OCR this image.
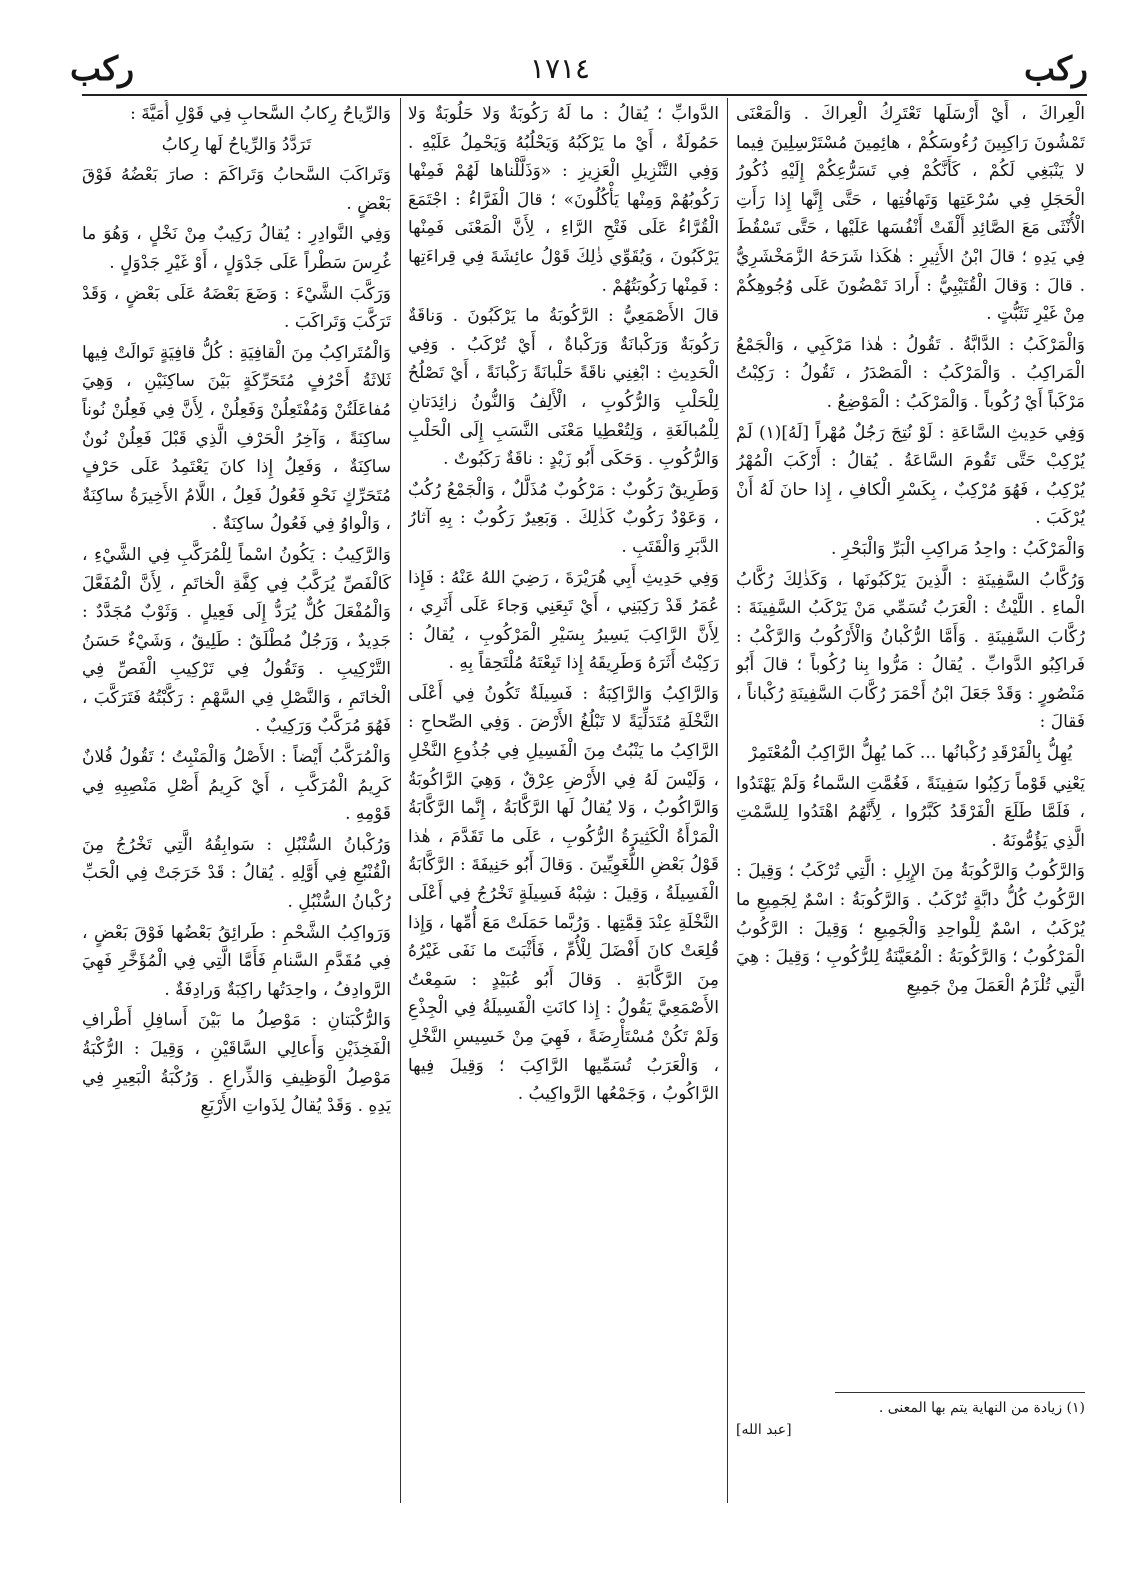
ركب
١٧١٤
ركب

الْعِراكَ ، أَيْ أَرْسَلَها تَعْتَرِكُ الْعِراكَ . وَالْمَعْنَى تَمْشُونَ رَاكِبِينَ رُءُوسَكُمْ ، هائِمِينَ مُسْتَرْسِلِينَ فِيما لا يَنْبَغِي لَكُمْ ، كَأَنَّكُمْ فِي تَسَرُّعِكُمْ إِلَيْهِ ذُكُورُ الْحَجَلِ فِي سُرْعَتِها وَتَهافُتِها ، حَتَّى إِنَّها إِذا رَأَتِ الْأُنْثَى مَعَ الصَّائِدِ أَلْقَتْ أَنْفُسَها عَلَيْها ، حَتَّى تَسْقُطَ فِي يَدِهِ ؛ قالَ ابْنُ الأَثِيرِ : هٰكَذا شَرَحَهُ الزَّمَخْشَرِيُّ . قالَ : وَقالَ الْقُتَيْبِيُّ : أَرادَ تَمْضُونَ عَلَى وُجُوهِكُمْ مِنْ غَيْرِ تَثَبُّتٍ .

وَالْمَرْكَبُ : الدَّابَّةُ . تَقُولُ : هٰذا مَرْكَبِي ، وَالْجَمْعُ الْمَراكِبُ . وَالْمَرْكَبُ : الْمَصْدَرُ ، تَقُولُ : رَكِبْتُ مَرْكَباً أَيْ رُكُوباً . وَالْمَرْكَبُ : الْمَوْضِعُ .

وَفِي حَدِيثِ السَّاعَةِ : لَوْ نُتِجَ رَجُلٌ مُهْراً [لَهُ](١) لَمْ يُرْكِبْ حَتَّى تَقُومَ السَّاعَةُ . يُقالُ : أَرْكَبَ الْمُهْرُ يُرْكِبُ ، فَهُوَ مُرْكِبٌ ، بِكَسْرِ الْكافِ ، إِذا حانَ لَهُ أَنْ يُرْكَبَ .

وَالْمَرْكَبُ : واحِدُ مَراكِبِ الْبَرِّ وَالْبَحْرِ .

وَرُكَّابُ السَّفِينَةِ : الَّذِينَ يَرْكَبُونَها ، وَكَذٰلِكَ رُكَّابُ الْماءِ . اللَّيْثُ : الْعَرَبُ تُسَمِّي مَنْ يَرْكَبُ السَّفِينَةَ : رُكَّابَ السَّفِينَةِ . وَأَمَّا الرُّكْبانُ وَالْأَرْكُوبُ وَالرَّكْبُ : فَراكِبُو الدَّوابِّ . يُقالُ : مَرُّوا بِنا رُكُوباً ؛ قالَ أَبُو مَنْصُورٍ : وَقَدْ جَعَلَ ابْنُ أَحْمَرَ رُكَّابَ السَّفِينَةِ رُكْباناً ، فَقالَ :

يُهِلُّ بِالْفَرْقَدِ رُكْبانُها ... كَما يُهِلُّ الرَّاكِبُ الْمُعْتَمِرْ

يَعْنِي قَوْماً رَكِبُوا سَفِينَةً ، فَغُمَّتِ السَّماءُ وَلَمْ يَهْتَدُوا ، فَلَمَّا طَلَعَ الْفَرْقَدُ كَبَّرُوا ، لِأَنَّهُمُ اهْتَدُوا لِلسَّمْتِ الَّذِي يَؤُمُّونَهُ .

وَالرَّكُوبُ وَالرَّكُوبَةُ مِنَ الإِبِلِ : الَّتِي تُرْكَبُ ؛ وَقِيلَ : الرَّكُوبُ كُلُّ دابَّةٍ تُرْكَبُ . وَالرَّكُوبَةُ : اسْمٌ لِجَمِيعِ ما يُرْكَبُ ، اسْمٌ لِلْواحِدِ وَالْجَمِيعِ ؛ وَقِيلَ : الرَّكُوبُ الْمَرْكُوبُ ؛ وَالرَّكُوبَةُ : الْمُعَيَّنَةُ لِلرُّكُوبِ ؛ وَقِيلَ : هِيَ الَّتِي تُلْزَمُ الْعَمَلَ مِنْ جَمِيعِ

الدَّوابِّ ؛ يُقالُ : ما لَهُ رَكُوبَةٌ وَلا حَلُوبَةٌ وَلا حَمُولَةٌ ، أَيْ ما يَرْكَبُهُ وَيَحْلُبُهُ وَيَحْمِلُ عَلَيْهِ . وَفِي التَّنْزِيلِ الْعَزِيزِ : «وَذَلَّلْناها لَهُمْ فَمِنْها رَكُوبُهُمْ وَمِنْها يَأْكُلُونَ» ؛ قالَ الْفَرَّاءُ : اجْتَمَعَ الْقُرَّاءُ عَلَى فَتْحِ الرَّاءِ ، لِأَنَّ الْمَعْنَى فَمِنْها يَرْكَبُونَ ، وَيُقَوِّي ذٰلِكَ قَوْلُ عائِشَةَ فِي قِراءَتِها : فَمِنْها رَكُوبَتُهُمْ .

قالَ الأَصْمَعِيُّ : الرَّكُوبَةُ ما يَرْكَبُونَ . وَناقَةٌ رَكُوبَةٌ وَرَكْبانَةٌ وَرَكْباةٌ ، أَيْ تُرْكَبُ . وَفِي الْحَدِيثِ : ابْغِنِي ناقَةً حَلْبانَةً رَكْبانَةً ، أَيْ تَصْلُحُ لِلْحَلْبِ وَالرُّكُوبِ ، الْأَلِفُ وَالنُّونُ زائِدَتانِ لِلْمُبالَغَةِ ، وَلِتُعْطِيا مَعْنَى النَّسَبِ إِلَى الْحَلْبِ وَالرُّكُوبِ . وَحَكَى أَبُو زَيْدٍ : ناقَةٌ رَكَبُوتٌ .

وَطَرِيقٌ رَكُوبٌ : مَرْكُوبٌ مُذَلَّلٌ ، وَالْجَمْعُ رُكُبٌ ، وَعَوْدٌ رَكُوبٌ كَذٰلِكَ . وَبَعِيرٌ رَكُوبٌ : بِهِ آثارُ الدَّبَرِ وَالْقَتَبِ .

وَفِي حَدِيثِ أَبِي هُرَيْرَةَ ، رَضِيَ اللهُ عَنْهُ : فَإِذا عُمَرُ قَدْ رَكِبَنِي ، أَيْ تَبِعَنِي وَجاءَ عَلَى أَثَرِي ، لِأَنَّ الرَّاكِبَ يَسِيرُ بِسَيْرِ الْمَرْكُوبِ ، يُقالُ : رَكِبْتُ أَثَرَهُ وَطَرِيقَهُ إِذا تَبِعْتَهُ مُلْتَحِقاً بِهِ .

وَالرَّاكِبُ وَالرَّاكِبَةُ : فَسِيلَةٌ تَكُونُ فِي أَعْلَى النَّخْلَةِ مُتَدَلِّيَةً لا تَبْلُغُ الأَرْضَ . وَفِي الصِّحاحِ : الرَّاكِبُ ما يَنْبُتُ مِنَ الْفَسِيلِ فِي جُذُوعِ النَّخْلِ ، وَلَيْسَ لَهُ فِي الأَرْضِ عِرْقٌ ، وَهِيَ الرَّاكُوبَةُ وَالرَّاكُوبُ ، وَلا يُقالُ لَها الرَّكَّابَةُ ، إِنَّما الرَّكَّابَةُ الْمَرْأَةُ الْكَثِيرَةُ الرُّكُوبِ ، عَلَى ما تَقَدَّمَ ، هٰذا قَوْلُ بَعْضِ اللُّغَوِيِّينَ . وَقالَ أَبُو حَنِيفَةَ : الرَّكَّابَةُ الْفَسِيلَةُ ، وَقِيلَ : شِبْهُ فَسِيلَةٍ تَخْرُجُ فِي أَعْلَى النَّخْلَةِ عِنْدَ قِمَّتِها . وَرُبَّما حَمَلَتْ مَعَ أُمِّها ، وَإِذا قُلِعَتْ كانَ أَفْضَلَ لِلْأُمِّ ، فَأَثْبَتَ ما نَفَى غَيْرُهُ مِنَ الرَّكَّابَةِ . وَقالَ أَبُو عُبَيْدٍ : سَمِعْتُ الأَصْمَعِيَّ يَقُولُ : إِذا كانَتِ الْفَسِيلَةُ فِي الْجِذْعِ وَلَمْ تَكُنْ مُسْتَأْرِضَةً ، فَهِيَ مِنْ خَسِيسِ النَّخْلِ ، وَالْعَرَبُ تُسَمِّيها الرَّاكِبَ ؛ وَقِيلَ فِيها الرَّاكُوبُ ، وَجَمْعُها الرَّواكِيبُ .

وَالرِّياحُ رِكابُ السَّحابِ فِي قَوْلِ أُمَيَّةَ :

تَرَدَّدُ وَالرِّياحُ لَها رِكابُ

وَتَراكَبَ السَّحابُ وَتَراكَمَ : صارَ بَعْضُهُ فَوْقَ بَعْضٍ .

وَفِي النَّوادِرِ : يُقالُ رَكِيبٌ مِنْ نَخْلٍ ، وَهُوَ ما غُرِسَ سَطْراً عَلَى جَدْوَلٍ ، أَوْ غَيْرِ جَدْوَلٍ .

وَرَكَّبَ الشَّيْءَ : وَضَعَ بَعْضَهُ عَلَى بَعْضٍ ، وَقَدْ تَرَكَّبَ وَتَراكَبَ .

وَالْمُتَراكِبُ مِنَ الْقافِيَةِ : كُلُّ قافِيَةٍ تَوالَتْ فِيها ثَلاثَةُ أَحْرُفٍ مُتَحَرِّكَةٍ بَيْنَ ساكِنَيْنِ ، وَهِيَ مُفاعَلَتُنْ وَمُفْتَعِلُنْ وَفَعِلُنْ ، لِأَنَّ فِي فَعِلُنْ نُوناً ساكِنَةً ، وَآخِرُ الْحَرْفِ الَّذِي قَبْلَ فَعِلُنْ نُونٌ ساكِنَةٌ ، وَفَعِلُ إِذا كانَ يَعْتَمِدُ عَلَى حَرْفٍ مُتَحَرِّكٍ نَحْوِ فَعُولُ فَعِلُ ، اللَّامُ الأَخِيرَةُ ساكِنَةٌ ، وَالْواوُ فِي فَعُولُ ساكِنَةٌ .

وَالرَّكِيبُ : يَكُونُ اسْماً لِلْمُرَكَّبِ فِي الشَّيْءِ ، كَالْفَصِّ يُرَكَّبُ فِي كِفَّةِ الْخاتَمِ ، لِأَنَّ الْمُفَعَّلَ وَالْمُفْعَلَ كُلٌّ يُرَدُّ إِلَى فَعِيلٍ . وَثَوْبٌ مُجَدَّدٌ : جَدِيدٌ ، وَرَجُلٌ مُطْلَقٌ : طَلِيقٌ ، وَشَيْءٌ حَسَنُ التَّرْكِيبِ . وَتَقُولُ فِي تَرْكِيبِ الْفَصِّ فِي الْخاتَمِ ، وَالنَّصْلِ فِي السَّهْمِ : رَكَّبْتُهُ فَتَرَكَّبَ ، فَهُوَ مُرَكَّبٌ وَرَكِيبٌ .

وَالْمُرَكَّبُ أَيْضاً : الأَصْلُ وَالْمَنْبِتُ ؛ تَقُولُ فُلانٌ كَرِيمُ الْمُرَكَّبِ ، أَيْ كَرِيمُ أَصْلِ مَنْصِبِهِ فِي قَوْمِهِ .

وَرُكْبانُ السُّنْبُلِ : سَوابِقُهُ الَّتِي تَخْرُجُ مِنَ الْقُنْبُعِ فِي أَوَّلِهِ . يُقالُ : قَدْ خَرَجَتْ فِي الْحَبِّ رُكْبانُ السُّنْبُلِ .

وَرَواكِبُ الشَّحْمِ : طَرائِقُ بَعْضُها فَوْقَ بَعْضٍ ، فِي مُقَدَّمِ السَّنامِ فَأَمَّا الَّتِي فِي الْمُؤَخَّرِ فَهِيَ الرَّوادِفُ ، واحِدَتُها راكِبَةٌ وَرادِفَةٌ .

وَالرُّكْبَتانِ : مَوْصِلُ ما بَيْنَ أَسافِلِ أَطْرافِ الْفَخِذَيْنِ وَأَعالِي السَّاقَيْنِ ، وَقِيلَ : الرُّكْبَةُ مَوْصِلُ الْوَظِيفِ وَالذِّراعِ . وَرُكْبَةُ الْبَعِيرِ فِي يَدِهِ . وَقَدْ يُقالُ لِذَواتِ الأَرْبَعِ

(١) زيادة من النهاية يتم بها المعنى .
[عبد الله]
